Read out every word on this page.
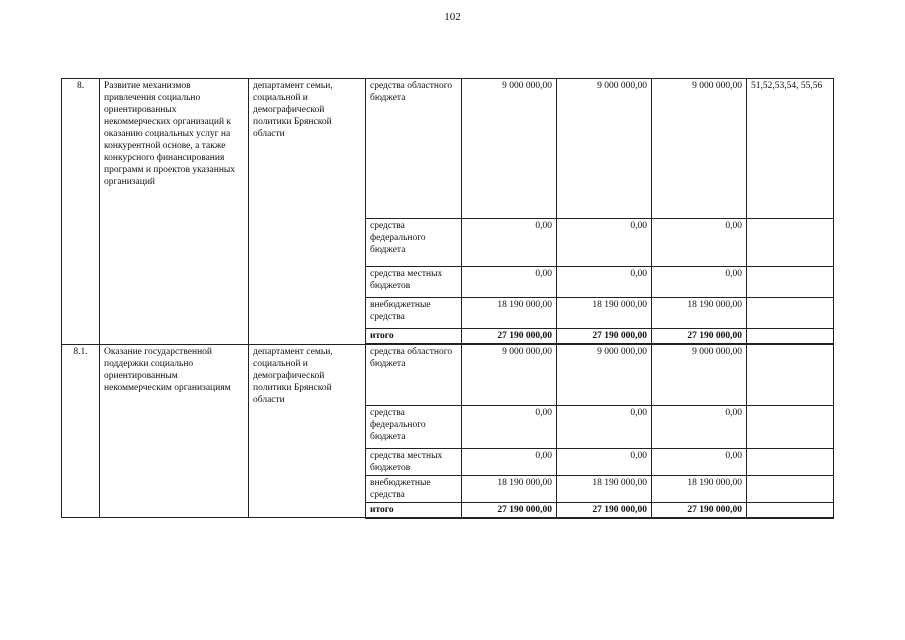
102
8.	Развитие механизмов привлечения социально ориентированных некоммерческих организаций к оказанию социальных услуг на конкурентной основе, а также конкурсного финансирования программ и проектов указанных организаций	департамент семьи, социальной и демографической политики Брянской области	средства областного бюджета	9 000 000,00	9 000 000,00	9 000 000,00	51,52,53,54, 55,56
			средства федерального бюджета	0,00	0,00	0,00	
			средства местных бюджетов	0,00	0,00	0,00	
			внебюджетные средства	18 190 000,00	18 190 000,00	18 190 000,00	
			итого	27 190 000,00	27 190 000,00	27 190 000,00	
8.1.	Оказание государственной поддержки социально ориентированным некоммерческим организациям	департамент семьи, социальной и демографической политики Брянской области	средства областного бюджета	9 000 000,00	9 000 000,00	9 000 000,00	
			средства федерального бюджета	0,00	0,00	0,00	
			средства местных бюджетов	0,00	0,00	0,00	
			внебюджетные средства	18 190 000,00	18 190 000,00	18 190 000,00	
			итого	27 190 000,00	27 190 000,00	27 190 000,00	
